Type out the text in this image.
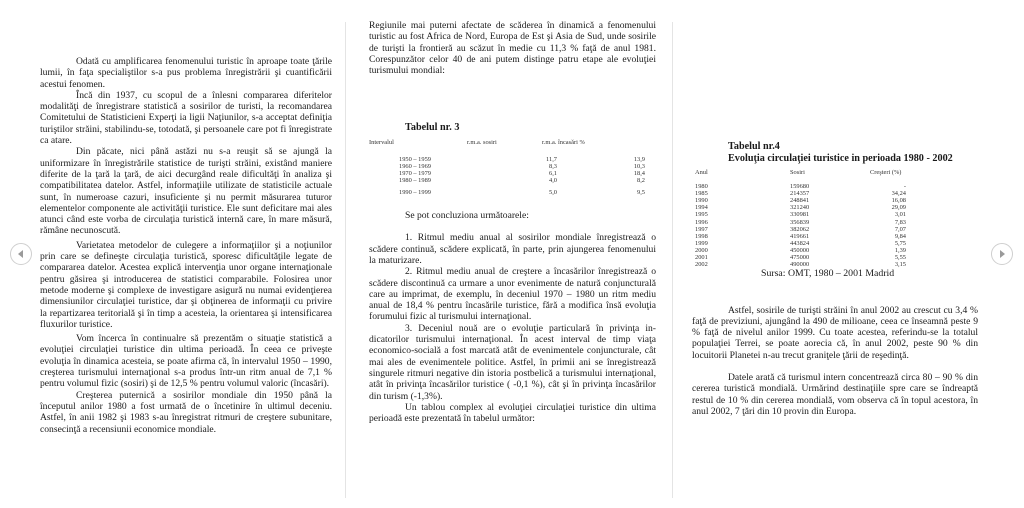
Odată cu amplificarea fenomenului turistic în aproape toate ţările lumii, în faţa specialiştilor s-a pus problema înregistrării şi cuantificării acestui fenomen.

Încă din 1937, cu scopul de a înlesni compararea diferitelor modalităţi de înregistrare statistică a sosirilor de turisti, la recomandarea Comitetului de Statisticieni Experţi ia ligii Naţiunilor, s-a acceptat definiţia turiştilor străini, stabilindu-se, totodată, şi persoanele care pot fi înregistrate ca atare.

Din păcate, nici până astăzi nu s-a reuşit să se ajungă la uniformizare în înregistrările statistice de turişti străini, existând maniere diferite de la ţară la ţară, de aici decurgând reale dificultăţi în analiza şi compatibilitatea datelor. Astfel, informaţiile utilizate de statisticile actuale sunt, în numeroase cazuri, insuficiente şi nu permit măsurarea tuturor elementelor componente ale activităţii turistice. Ele sunt deficitare mai ales atunci când este vorba de circulaţia turistică internă care, în mare măsură, rămâne necunoscută.

Varietatea metodelor de culegere a informaţiilor şi a noţiunilor prin care se defineşte circulaţia turistică, sporesc dificultăţile legate de compararea datelor. Acestea explică intervenţia unor organe internaţionale pentru găsirea şi introducerea de statistici comparabile. Folosirea unor metode moderne şi complexe de investigare asigură nu numai evidenţierea dimensiunilor circulaţiei turistice, dar şi obţinerea de informaţii cu privire la repartizarea teritorială şi în timp a acesteia, la orientarea şi intensificarea fluxurilor turistice.

Vom încerca în continualre să prezentăm o situaţie statistică a evoluţiei circulaţiei turistice din ultima perioadă. În ceea ce priveşte evoluţia în dinamica acesteia, se poate afirma că, în intervalul 1950 – 1990, creşterea turismului internaţional s-a produs într-un ritm anual de 7,1 % pentru volumul fizic (sosiri) şi de 12,5 % pentru volumul valoric (încasări).

Creşterea puternică a sosirilor mondiale din 1950 până la începutul anilor 1980 a fost urmată de o încetinire în ultimul deceniu. Astfel, în anii 1982 şi 1983 s-au înregistrat ritmuri de creştere subunitare, consecinţă a recensiunii economice mondiale.

Regiunile mai puterni afectate de scăderea în dinamică a fenomenului turistic au fost Africa de Nord, Europa de Est şi Asia de Sud, unde sosirile de turişti la frontieră au scăzut în medie cu 11,3 % faţă de anul 1981. Corespunzător celor 40 de ani putem distinge patru etape ale evoluţiei turismului mondial:

Tabelul nr. 3

Intervalul	r.m.a. sosiri	r.m.a. încasări %
1950 – 1959	11,7	13,9
1960 – 1969	8,3	10,3
1970 – 1979	6,1	18,4
1980 – 1989	4,0	8,2
1990 – 1999	5,0	9,5

Se pot concluziona următoarele:

1. Ritmul mediu anual al sosirilor mondiale înregistrează o scădere continuă, scădere explicată, în parte, prin ajungerea fenomenului la maturizare.

2. Ritmul mediu anual de creştere a încasărilor înregistrează o scădere discontinuă ca urmare a unor evenimente de natură conjuncturală care au imprimat, de exemplu, în deceniul 1970 – 1980 un ritm mediu anual de 18,4 % pentru încasările turistice, fără a modifica însă evoluţia forumului fizic al turismului internaţional.

3. Deceniul nouă are o evoluţie particulară în privinţa indicatorilor turismului internaţional. În acest interval de timp viaţa economico-socială a fost marcată atât de evenimentele conjuncturale, cât mai ales de evenimentele politice. Astfel, în primii ani se înregistrează singurele ritmuri negative din istoria postbelică a turismului internaţional, atât în privinţa încasărilor turistice ( -0,1 %), cât şi în privinţa încasărilor din turism (-1,3%).

Un tablou complex al evoluţiei circulaţiei turistice din ultima perioadă este prezentată în tabelul următor:

Tabelul nr.4

Evoluţia circulaţiei turistice in perioada 1980 - 2002

Anul	Sosiri	Creşteri (%)
1980	159680	-
1985	214357	34,24
1990	248841	16,08
1994	321240	29,09
1995	330981	3,01
1996	356839	7,83
1997	382062	7,07
1998	419661	9,84
1999	443824	5,75
2000	450000	1,39
2001	475000	5,55
2002	490000	3,15

Sursa: OMT, 1980 – 2001 Madrid

Astfel, sosirile de turişti străini în anul 2002 au crescut cu 3,4 % faţă de previziuni, ajungând la 490 de milioane, ceea ce înseamnă peste 9 % faţă de nivelul anilor 1999. Cu toate acestea, referindu-se la totalul populaţiei Terrei, se poate aorecia că, în anul 2002, peste 90 % din locuitorii Planetei n-au trecut graniţele ţării de reşedinţă.

Datele arată că turismul intern concentrează circa 80 – 90 % din cererea turistică mondială. Urmărind destinaţiile spre care se îndreaptă restul de 10 % din cererea mondială, vom observa că în topul acestora, în anul 2002, 7 ţări din 10 provin din Europa.
